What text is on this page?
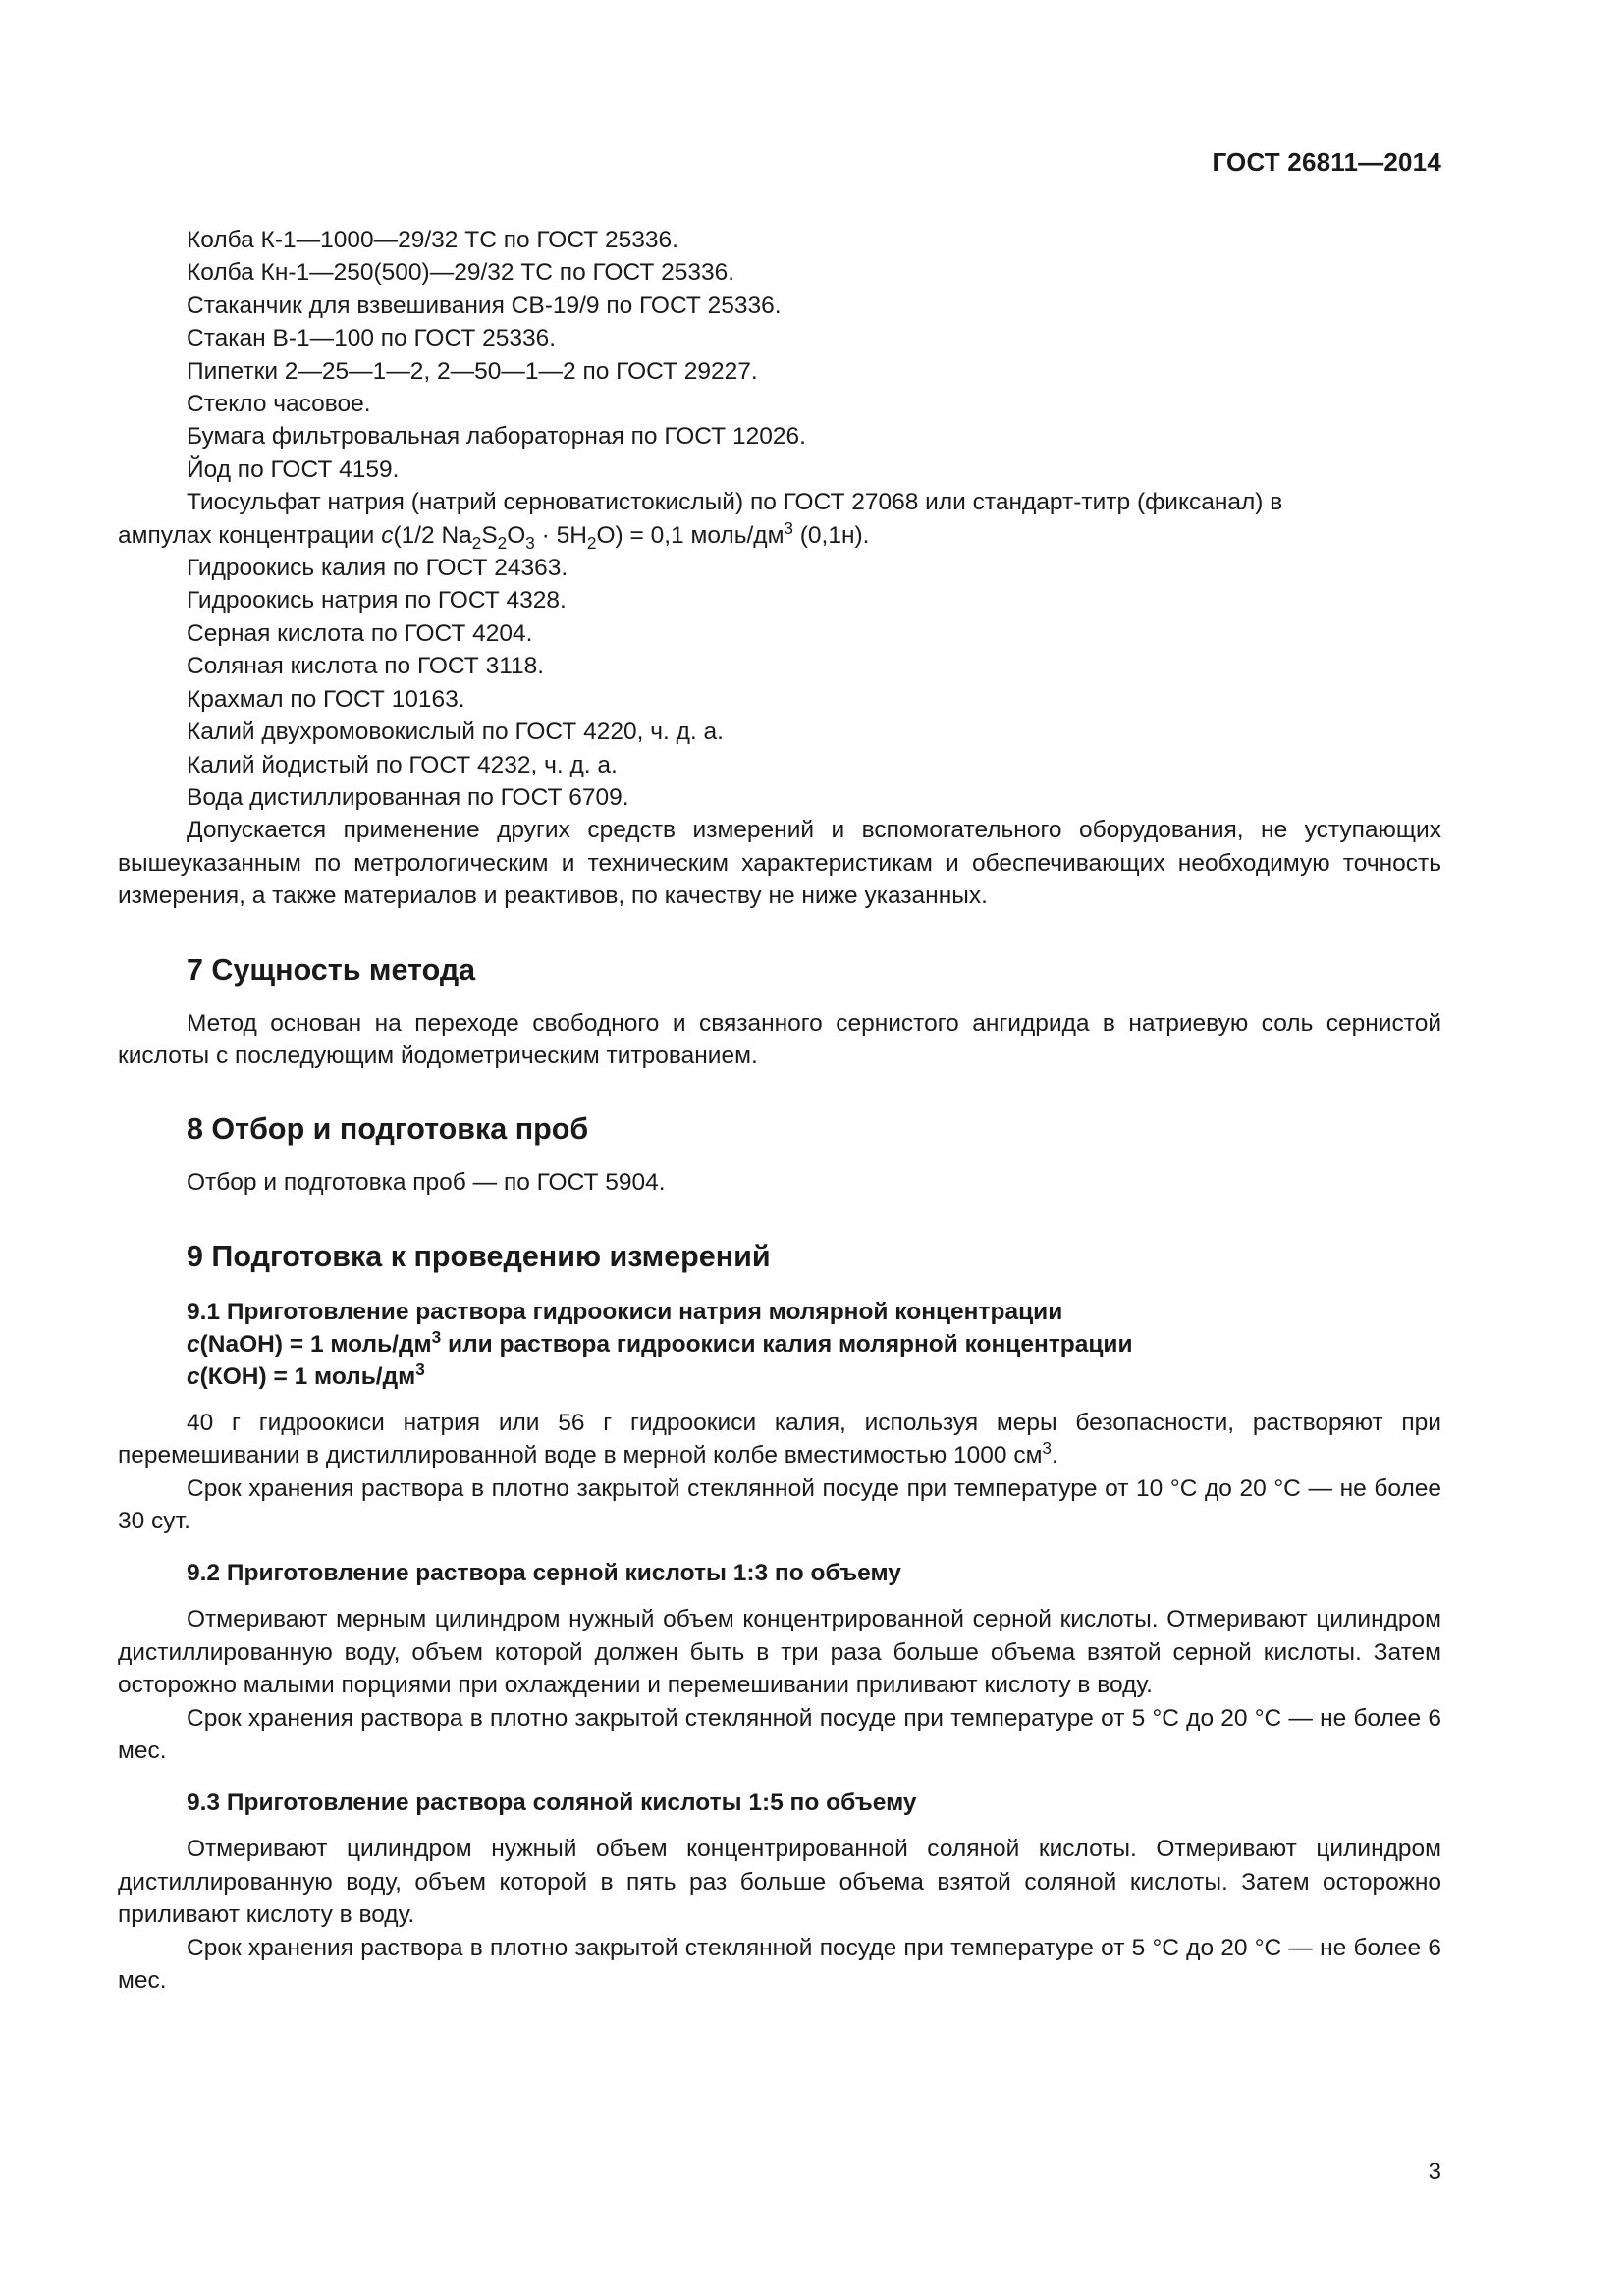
ГОСТ 26811—2014

Колба К-1—1000—29/32 ТС по ГОСТ 25336.

Колба Кн-1—250(500)—29/32 ТС по ГОСТ 25336.

Стаканчик для взвешивания СВ-19/9 по ГОСТ 25336.

Стакан В-1—100 по ГОСТ 25336.

Пипетки 2—25—1—2, 2—50—1—2 по ГОСТ 29227.

Стекло часовое.

Бумага фильтровальная лабораторная по ГОСТ 12026.

Йод по ГОСТ 4159.

Тиосульфат натрия (натрий серноватистокислый) по ГОСТ 27068 или стандарт-титр (фиксанал) в

ампулах концентрации c(1/2 $Na_2S_2O_3 \cdot 5H_2O) = 0,1$ моль/$дм^3$ (0,1н).

Гидроокись калия по ГОСТ 24363.

Гидроокись натрия по ГОСТ 4328.

Серная кислота по ГОСТ 4204.

Соляная кислота по ГОСТ 3118.

Крахмал по ГОСТ 10163.

Калий двухромовокислый по ГОСТ 4220, ч. д. а.

Калий йодистый по ГОСТ 4232, ч. д. а.

Вода дистиллированная по ГОСТ 6709.

Допускается применение других средств измерений и вспомогательного оборудования, не уступающих вышеуказанным по метрологическим и техническим характеристикам и обеспечивающих необходимую точность измерения, а также материалов и реактивов, по качеству не ниже указанных.

7 Сущность метода

Метод основан на переходе свободного и связанного сернистого ангидрида в натриевую соль сернистой кислоты с последующим йодометрическим титрованием.

8 Отбор и подготовка проб

Отбор и подготовка проб — по ГОСТ 5904.

9 Подготовка к проведению измерений
9.1 Приготовление раствора гидроокиси натрия молярной концентрации
c(NaOH) = 1 моль/$дм^3$ или раствора гидроокиси калия молярной концентрации
c(КОН) = 1 моль/$дм^3$

40 г гидроокиси натрия или 56 г гидроокиси калия, используя меры безопасности, растворяют при перемешивании в дистиллированной воде в мерной колбе вместимостью 1000 $см^3$.

Срок хранения раствора в плотно закрытой стеклянной посуде при температуре от 10 °С до 20 °С — не более 30 сут.

9.2 Приготовление раствора серной кислоты 1:3 по объему

Отмеривают мерным цилиндром нужный объем концентрированной серной кислоты. Отмеривают цилиндром дистиллированную воду, объем которой должен быть в три раза больше объема взятой серной кислоты. Затем осторожно малыми порциями при охлаждении и перемешивании приливают кислоту в воду.

Срок хранения раствора в плотно закрытой стеклянной посуде при температуре от 5 °С до 20 °С — не более 6 мес.

9.3 Приготовление раствора соляной кислоты 1:5 по объему

Отмеривают цилиндром нужный объем концентрированной соляной кислоты. Отмеривают цилиндром дистиллированную воду, объем которой в пять раз больше объема взятой соляной кислоты. Затем осторожно приливают кислоту в воду.

Срок хранения раствора в плотно закрытой стеклянной посуде при температуре от 5 °С до 20 °С — не более 6 мес.

3
